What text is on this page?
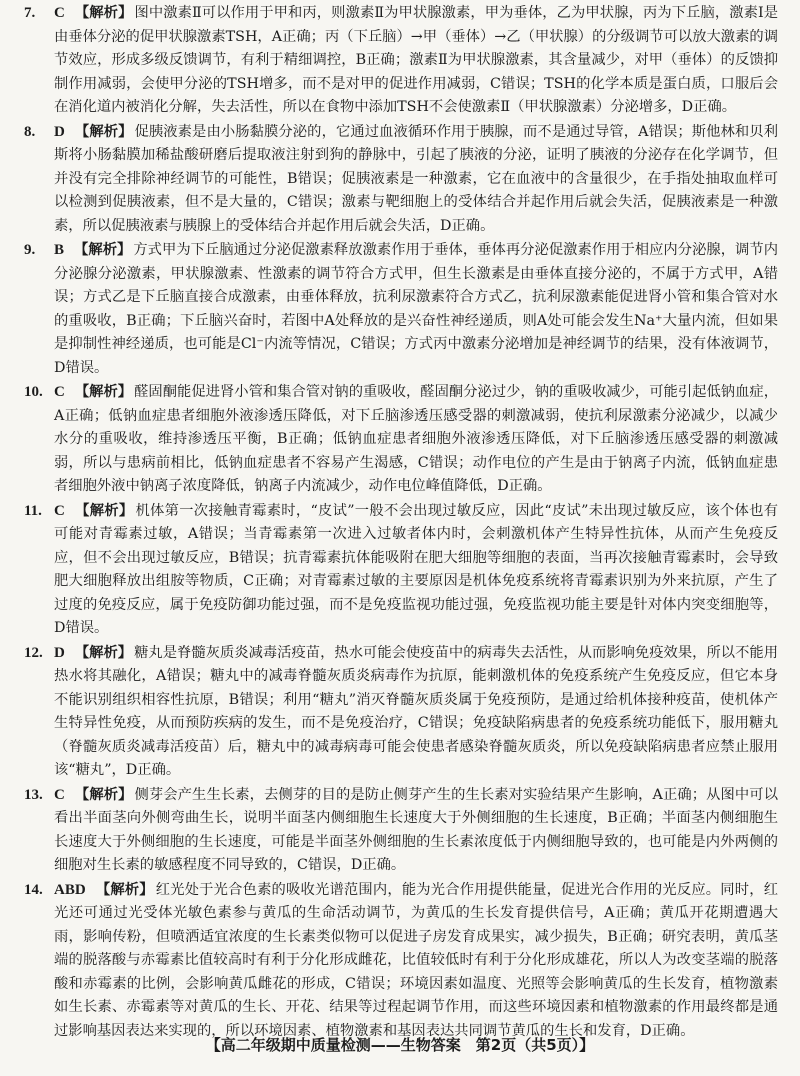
7.	C 【解析】 图中激素Ⅱ可以作用于甲和丙，则激素Ⅱ为甲状腺激素，甲为垂体，乙为甲状腺，丙为下丘脑，激素Ⅰ是由垂体分泌的促甲状腺激素TSH，A正确；丙（下丘脑）→甲（垂体）→乙（甲状腺）的分级调节可以放大激素的调节效应，形成多级反馈调节，有利于精细调控，B正确；激素Ⅱ为甲状腺激素，其含量减少，对甲（垂体）的反馈抑制作用减弱，会使甲分泌的TSH增多，而不是对甲的促进作用减弱，C错误；TSH的化学本质是蛋白质，口服后会在消化道内被消化分解，失去活性，所以在食物中添加TSH不会使激素Ⅱ（甲状腺激素）分泌增多，D正确。
8.	D 【解析】 促胰液素是由小肠黏膜分泌的，它通过血液循环作用于胰腺，而不是通过导管，A错误；斯他林和贝利斯将小肠黏膜加稀盐酸研磨后提取液注射到狗的静脉中，引起了胰液的分泌，证明了胰液的分泌存在化学调节，但并没有完全排除神经调节的可能性，B错误；促胰液素是一种激素，它在血液中的含量很少，在手指处抽取血样可以检测到促胰液素，但不是大量的，C错误；激素与靶细胞上的受体结合并起作用后就会失活，促胰液素是一种激素，所以促胰液素与胰腺上的受体结合并起作用后就会失活，D正确。
9.	B 【解析】 方式甲为下丘脑通过分泌促激素释放激素作用于垂体，垂体再分泌促激素作用于相应内分泌腺，调节内分泌腺分泌激素，甲状腺激素、性激素的调节符合方式甲，但生长激素是由垂体直接分泌的，不属于方式甲，A错误；方式乙是下丘脑直接合成激素，由垂体释放，抗利尿激素符合方式乙，抗利尿激素能促进肾小管和集合管对水的重吸收，B正确；下丘脑兴奋时，若图中A处释放的是兴奋性神经递质，则A处可能会发生Na⁺大量内流，但如果是抑制性神经递质，也可能是Cl⁻内流等情况，C错误；方式丙中激素分泌增加是神经调节的结果，没有体液调节，D错误。
10. C 【解析】 醛固酮能促进肾小管和集合管对钠的重吸收，醛固酮分泌过少，钠的重吸收减少，可能引起低钠血症，A正确；低钠血症患者细胞外液渗透压降低，对下丘脑渗透压感受器的刺激减弱，使抗利尿激素分泌减少，以减少水分的重吸收，维持渗透压平衡，B正确；低钠血症患者细胞外液渗透压降低，对下丘脑渗透压感受器的刺激减弱，所以与患病前相比，低钠血症患者不容易产生渴感，C错误；动作电位的产生是由于钠离子内流，低钠血症患者细胞外液中钠离子浓度降低，钠离子内流减少，动作电位峰值降低，D正确。
11. C 【解析】 机体第一次接触青霉素时，“皮试”一般不会出现过敏反应，因此“皮试”未出现过敏反应，该个体也有可能对青霉素过敏，A错误；当青霉素第一次进入过敏者体内时，会刺激机体产生特异性抗体，从而产生免疫反应，但不会出现过敏反应，B错误；抗青霉素抗体能吸附在肥大细胞等细胞的表面，当再次接触青霉素时，会导致肥大细胞释放出组胺等物质，C正确；对青霉素过敏的主要原因是机体免疫系统将青霉素识别为外来抗原，产生了过度的免疫反应，属于免疫防御功能过强，而不是免疫监视功能过强，免疫监视功能主要是针对体内突变细胞等，D错误。
12. D 【解析】 糖丸是脊髓灰质炎减毒活疫苗，热水可能会使疫苗中的病毒失去活性，从而影响免疫效果，所以不能用热水将其融化，A错误；糖丸中的减毒脊髓灰质炎病毒作为抗原，能刺激机体的免疫系统产生免疫反应，但它本身不能识别组织相容性抗原，B错误；利用“糖丸”消灭脊髓灰质炎属于免疫预防，是通过给机体接种疫苗，使机体产生特异性免疫，从而预防疾病的发生，而不是免疫治疗，C错误；免疫缺陷病患者的免疫系统功能低下，服用糖丸（脊髓灰质炎减毒活疫苗）后，糖丸中的减毒病毒可能会使患者感染脊髓灰质炎，所以免疫缺陷病患者应禁止服用该“糖丸”，D正确。
13. C 【解析】 侧芽会产生生长素，去侧芽的目的是防止侧芽产生的生长素对实验结果产生影响，A正确；从图中可以看出半面茎向外侧弯曲生长，说明半面茎内侧细胞生长速度大于外侧细胞的生长速度，B正确；半面茎内侧细胞生长速度大于外侧细胞的生长速度，可能是半面茎外侧细胞的生长素浓度低于内侧细胞导致的，也可能是内外两侧的细胞对生长素的敏感程度不同导致的，C错误，D正确。
14. ABD 【解析】 红光处于光合色素的吸收光谱范围内，能为光合作用提供能量，促进光合作用的光反应。同时，红光还可通过光受体光敏色素参与黄瓜的生命活动调节，为黄瓜的生长发育提供信号，A正确；黄瓜开花期遭遇大雨，影响传粉，但喷洒适宜浓度的生长素类似物可以促进子房发育成果实，减少损失，B正确；研究表明，黄瓜茎端的脱落酸与赤霉素比值较高时有利于分化形成雌花，比值较低时有利于分化形成雄花，所以人为改变茎端的脱落酸和赤霉素的比例，会影响黄瓜雌花的形成，C错误；环境因素如温度、光照等会影响黄瓜的生长发育，植物激素如生长素、赤霉素等对黄瓜的生长、开花、结果等过程起调节作用，而这些环境因素和植物激素的作用最终都是通过影响基因表达来实现的，所以环境因素、植物激素和基因表达共同调节黄瓜的生长和发育，D正确。
【高二年级期中质量检测——生物答案　第2页（共5页）】
